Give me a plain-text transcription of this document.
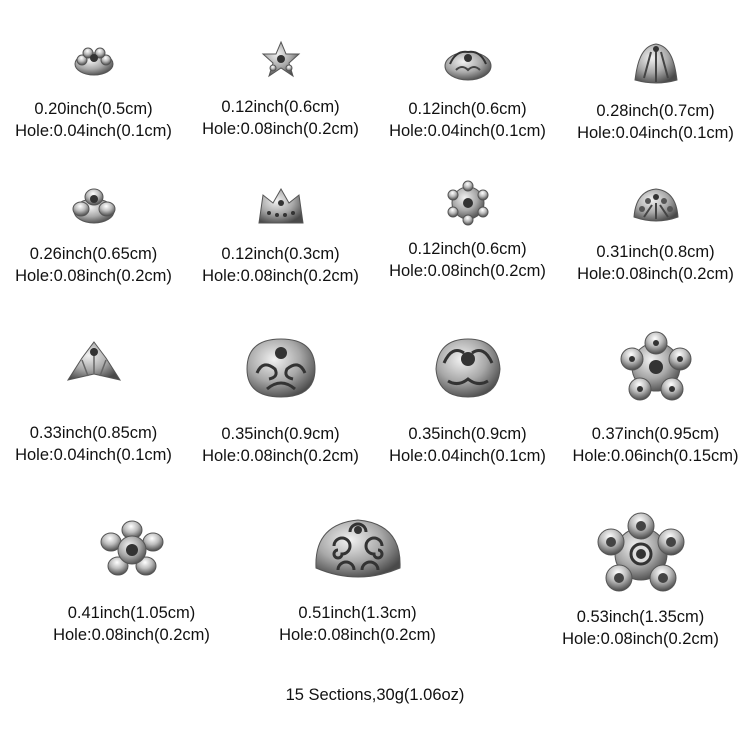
0.20inch(0.5cm)
Hole:0.04inch(0.1cm)
0.12inch(0.6cm)
Hole:0.08inch(0.2cm)
0.12inch(0.6cm)
Hole:0.04inch(0.1cm)
0.28inch(0.7cm)
Hole:0.04inch(0.1cm)
0.26inch(0.65cm)
Hole:0.08inch(0.2cm)
0.12inch(0.3cm)
Hole:0.08inch(0.2cm)
0.12inch(0.6cm)
Hole:0.08inch(0.2cm)
0.31inch(0.8cm)
Hole:0.08inch(0.2cm)
0.33inch(0.85cm)
Hole:0.04inch(0.1cm)
0.35inch(0.9cm)
Hole:0.08inch(0.2cm)
0.35inch(0.9cm)
Hole:0.04inch(0.1cm)
0.37inch(0.95cm)
Hole:0.06inch(0.15cm)
0.41inch(1.05cm)
Hole:0.08inch(0.2cm)
0.51inch(1.3cm)
Hole:0.08inch(0.2cm)
0.53inch(1.35cm)
Hole:0.08inch(0.2cm)
15 Sections,30g(1.06oz)
